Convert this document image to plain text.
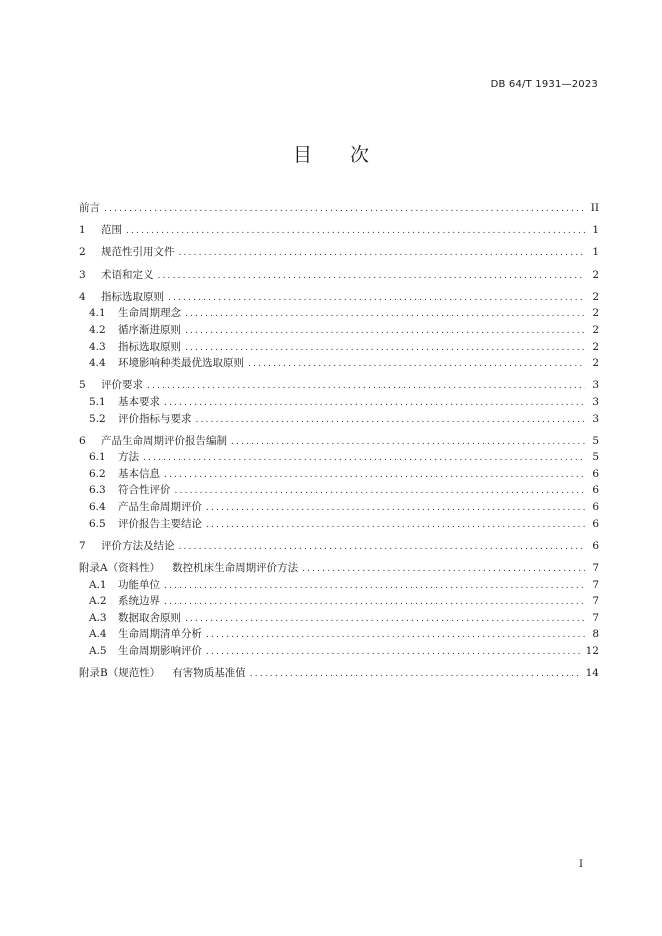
DB 64/T 1931—2023
目　　次
前言 . . .	II
1	范围 . . .	1
2	规范性引用文件 . . .	1
3	术语和定义 . . .	2
4	指标选取原则 . . .	2
4.1	生命周期理念 . . .	2
4.2	循序渐进原则 . . .	2
4.3	指标选取原则 . . .	2
4.4	环境影响种类最优选取原则 . . .	2
5	评价要求 . . .	3
5.1	基本要求 . . .	3
5.2	评价指标与要求 . . .	3
6	产品生命周期评价报告编制 . . .	5
6.1	方法 . . .	5
6.2	基本信息 . . .	6
6.3	符合性评价 . . .	6
6.4	产品生命周期评价 . . .	6
6.5	评价报告主要结论 . . .	6
7	评价方法及结论 . . .	6
附录A（资料性） 数控机床生命周期评价方法 . . .	7
A.1 功能单位 . . .	7
A.2 系统边界 . . .	7
A.3 数据取舍原则 . . .	7
A.4 生命周期清单分析 . . .	8
A.5 生命周期影响评价 . . .	12
附录B（规范性） 有害物质基准值 . . .	14
I
